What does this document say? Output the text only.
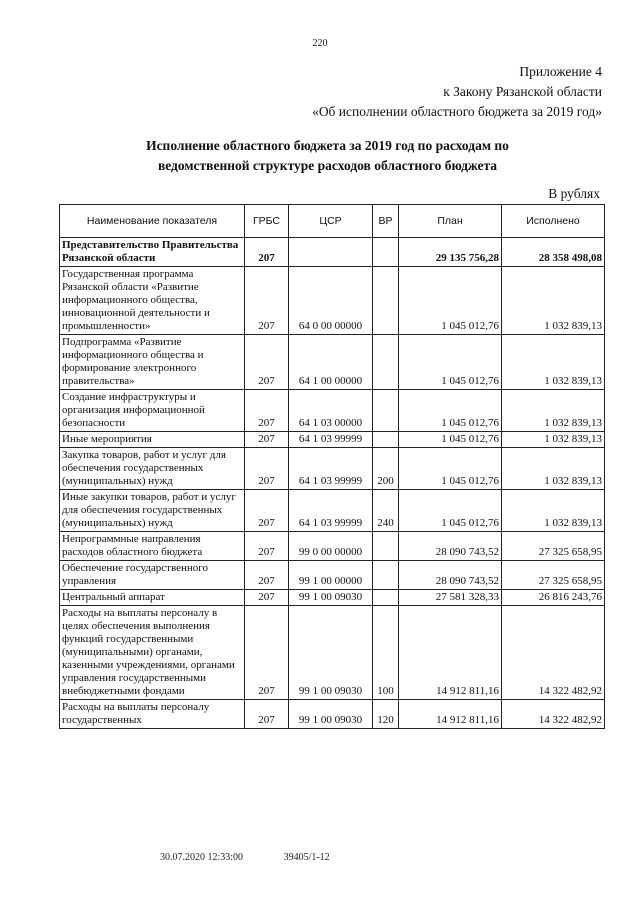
220
Приложение 4
к Закону Рязанской области
«Об исполнении областного бюджета за 2019 год»
Исполнение областного бюджета за 2019 год по расходам по
ведомственной структуре расходов областного бюджета
В рублях
Наименование показателя	ГРБС	ЦСР	ВР	План	Исполнено
Представительство Правительства Рязанской области	207			29 135 756,28	28 358 498,08
Государственная программа Рязанской области «Развитие информационного общества, инновационной деятельности и промышленности»	207	64 0 00 00000		1 045 012,76	1 032 839,13
Подпрограмма «Развитие информационного общества и формирование электронного правительства»	207	64 1 00 00000		1 045 012,76	1 032 839,13
Создание инфраструктуры и организация информационной безопасности	207	64 1 03 00000		1 045 012,76	1 032 839,13
Иные мероприятия	207	64 1 03 99999		1 045 012,76	1 032 839,13
Закупка товаров, работ и услуг для обеспечения государственных (муниципальных) нужд	207	64 1 03 99999	200	1 045 012,76	1 032 839,13
Иные закупки товаров, работ и услуг для обеспечения государственных (муниципальных) нужд	207	64 1 03 99999	240	1 045 012,76	1 032 839,13
Непрограммные направления расходов областного бюджета	207	99 0 00 00000		28 090 743,52	27 325 658,95
Обеспечение государственного управления	207	99 1 00 00000		28 090 743,52	27 325 658,95
Центральный аппарат	207	99 1 00 09030		27 581 328,33	26 816 243,76
Расходы на выплаты персоналу в целях обеспечения выполнения функций государственными (муниципальными) органами, казенными учреждениями, органами управления государственными внебюджетными фондами	207	99 1 00 09030	100	14 912 811,16	14 322 482,92
Расходы на выплаты персоналу государственных	207	99 1 00 09030	120	14 912 811,16	14 322 482,92
30.07.2020 12:33:00	39405/1-12
